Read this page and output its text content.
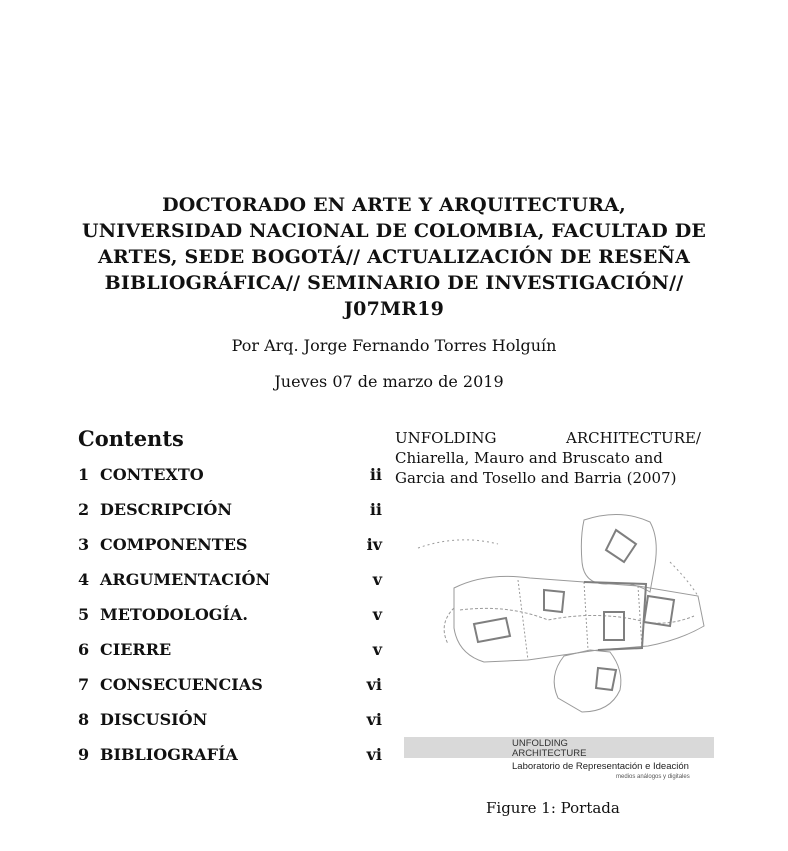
DOCTORADO EN ARTE Y ARQUITECTURA,
UNIVERSIDAD NACIONAL DE COLOMBIA, FACULTAD DE
ARTES, SEDE BOGOTÁ// ACTUALIZACIÓN DE RESEÑA
BIBLIOGRÁFICA// SEMINARIO DE INVESTIGACIÓN//
J07MR19
Por Arq. Jorge Fernando Torres Holguín
Jueves 07 de marzo de 2019
Contents
1 CONTEXTO	ii
2 DESCRIPCIÓN	ii
3 COMPONENTES	iv
4 ARGUMENTACIÓN	v
5 METODOLOGÍA.	v
6 CIERRE	v
7 CONSECUENCIAS	vi
8 DISCUSIÓN	vi
9 BIBLIOGRAFÍA	vi
UNFOLDING	ARCHITECTURE/
Chiarella, Mauro and Bruscato and Garcia and Tosello and Barria (2007)
UNFOLDING
ARCHITECTURE
Laboratorio de Representación e Ideación
medios análogos y digitales
Figure 1: Portada
